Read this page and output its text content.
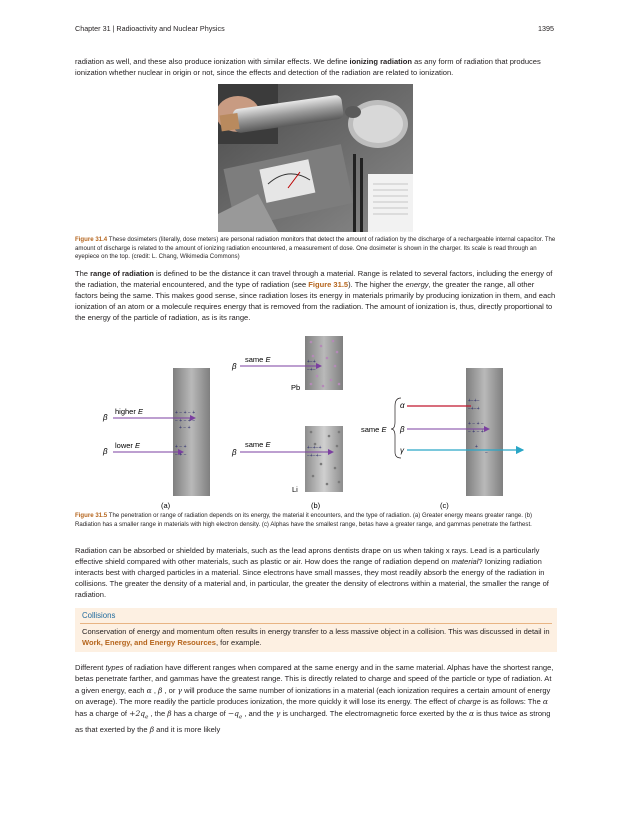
Chapter 31 | Radioactivity and Nuclear Physics	1395
radiation as well, and these also produce ionization with similar effects. We define ionizing radiation as any form of radiation that produces ionization whether nuclear in origin or not, since the effects and detection of the radiation are related to ionization.
Figure 31.4 These dosimeters (literally, dose meters) are personal radiation monitors that detect the amount of radiation by the discharge of a rechargeable internal capacitor. The amount of discharge is related to the amount of ionizing radiation encountered, a measurement of dose. One dosimeter is shown in the charger. Its scale is read through an eyepiece on the top. (credit: L. Chang, Wikimedia Commons)
The range of radiation is defined to be the distance it can travel through a material. Range is related to several factors, including the energy of the radiation, the material encountered, and the type of radiation (see Figure 31.5). The higher the energy, the greater the range, all other factors being the same. This makes good sense, since radiation loses its energy in materials primarily by producing ionization in them, and each ionization of an atom or a molecule requires energy that is removed from the radiation. The amount of ionization is, thus, directly proportional to the energy of the particle of radiation, as is its range.
+ − + − +
− + − + −
+ − +
+ − +
− + −
higher E
β
lower E
β
(a)
+−+
−+−
same E
β
Pb
+−+−+
−+−+−
same E
β
Li
(b)
+−+−
−+−+
+ − + −
− + − +
+
−
same E
α
β
γ
(c)
Figure 31.5 The penetration or range of radiation depends on its energy, the material it encounters, and the type of radiation. (a) Greater energy means greater range. (b) Radiation has a smaller range in materials with high electron density. (c) Alphas have the smallest range, betas have a greater range, and gammas penetrate the farthest.
Radiation can be absorbed or shielded by materials, such as the lead aprons dentists drape on us when taking x rays. Lead is a particularly effective shield compared with other materials, such as plastic or air. How does the range of radiation depend on material? Ionizing radiation interacts best with charged particles in a material. Since electrons have small masses, they most readily absorb the energy of the radiation in collisions. The greater the density of a material and, in particular, the greater the density of electrons within a material, the smaller the range of radiation.
Collisions
Conservation of energy and momentum often results in energy transfer to a less massive object in a collision. This was discussed in detail in Work, Energy, and Energy Resources, for example.
Different types of radiation have different ranges when compared at the same energy and in the same material. Alphas have the shortest range, betas penetrate farther, and gammas have the greatest range. This is directly related to charge and speed of the particle or type of radiation. At a given energy, each α , β , or γ will produce the same number of ionizations in a material (each ionization requires a certain amount of energy on average). The more readily the particle produces ionization, the more quickly it will lose its energy. The effect of charge is as follows: The α has a charge of $+2q_e$ , the β has a charge of $-q_e$ , and the γ is uncharged. The electromagnetic force exerted by the α is thus twice as strong as that exerted by the β and it is more likely
